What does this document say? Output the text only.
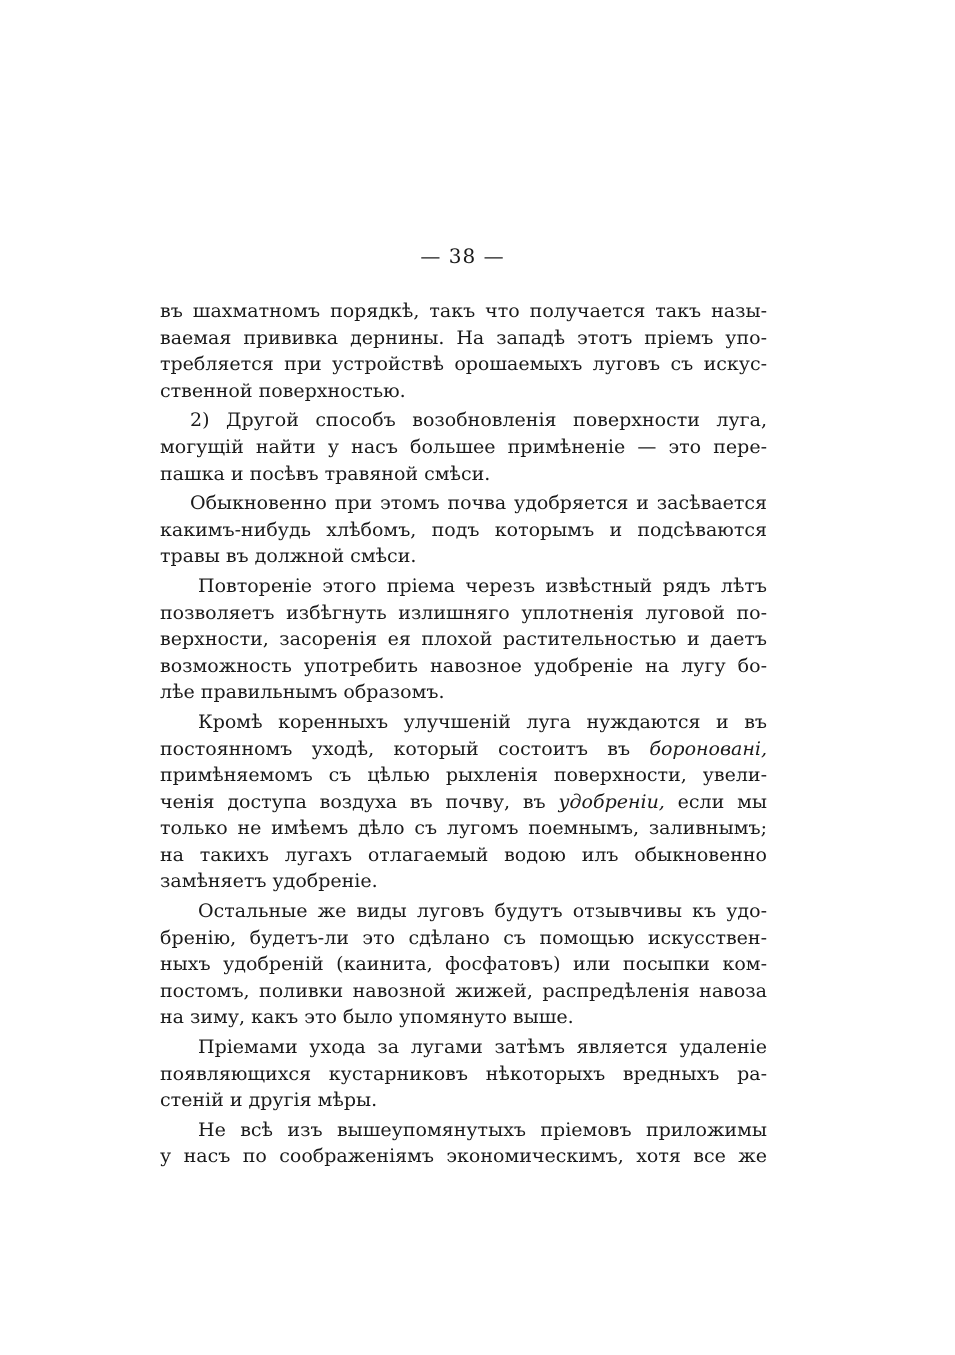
— 38 —
въ шахматномъ порядкѣ, такъ что получается такъ назы-
ваемая прививка дернины. На западѣ этотъ пріемъ упо-
требляется при устройствѣ орошаемыхъ луговъ съ искус-
ственной поверхностью.
2) Другой способъ возобновленія поверхности луга,
могущій найти у насъ большее примѣненіе — это пере-
пашка и посѣвъ травяной смѣси.
Обыкновенно при этомъ почва удобряется и засѣвается
какимъ-нибудь хлѣбомъ, подъ которымъ и подсѣваются
травы въ должной смѣси.
Повтореніе этого пріема черезъ извѣстный рядъ лѣтъ
позволяетъ избѣгнуть излишняго уплотненія луговой по-
верхности, засоренія ея плохой растительностью и даетъ
возможность употребить навозное удобреніе на лугу бо-
лѣе правильнымъ образомъ.
Кромѣ коренныхъ улучшеній луга нуждаются и въ
постоянномъ уходѣ, который состоитъ въ бороновані,
примѣняемомъ съ цѣлью рыхленія поверхности, увели-
ченія доступа воздуха въ почву, въ удобреніи, если мы
только не имѣемъ дѣло съ лугомъ поемнымъ, заливнымъ;
на такихъ лугахъ отлагаемый водою илъ обыкновенно
замѣняетъ удобреніе.
Остальные же виды луговъ будутъ отзывчивы къ удо-
бренію, будетъ-ли это сдѣлано съ помощью искусствен-
ныхъ удобреній (каинита, фосфатовъ) или посыпки ком-
постомъ, поливки навозной жижей, распредѣленія навоза
на зиму, какъ это было упомянуто выше.
Пріемами ухода за лугами затѣмъ является удаленіе
появляющихся кустарниковъ нѣкоторыхъ вредныхъ ра-
стеній и другія мѣры.
Не всѣ изъ вышеупомянутыхъ пріемовъ приложимы
у насъ по соображеніямъ экономическимъ, хотя все же
